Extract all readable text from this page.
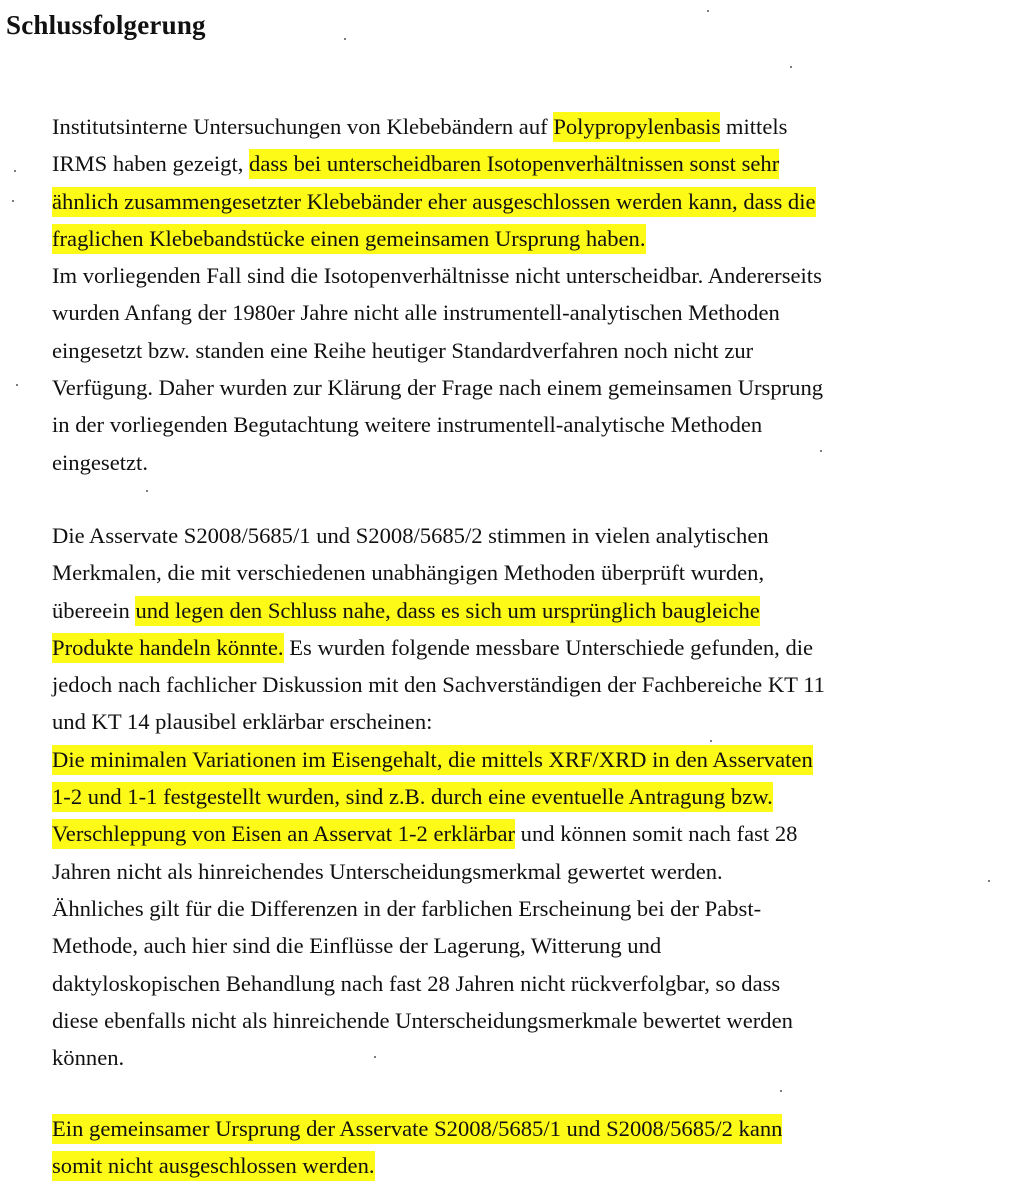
Schlussfolgerung

Institutsinterne Untersuchungen von Klebebändern auf Polypropylenbasis mittels
IRMS haben gezeigt, dass bei unterscheidbaren Isotopenverhältnissen sonst sehr
ähnlich zusammengesetzter Klebebänder eher ausgeschlossen werden kann, dass die
fraglichen Klebebandstücke einen gemeinsamen Ursprung haben.
Im vorliegenden Fall sind die Isotopenverhältnisse nicht unterscheidbar. Andererseits
wurden Anfang der 1980er Jahre nicht alle instrumentell-analytischen Methoden
eingesetzt bzw. standen eine Reihe heutiger Standardverfahren noch nicht zur
Verfügung. Daher wurden zur Klärung der Frage nach einem gemeinsamen Ursprung
in der vorliegenden Begutachtung weitere instrumentell-analytische Methoden
eingesetzt.

Die Asservate S2008/5685/1 und S2008/5685/2 stimmen in vielen analytischen
Merkmalen, die mit verschiedenen unabhängigen Methoden überprüft wurden,
übereein und legen den Schluss nahe, dass es sich um ursprünglich baugleiche
Produkte handeln könnte. Es wurden folgende messbare Unterschiede gefunden, die
jedoch nach fachlicher Diskussion mit den Sachverständigen der Fachbereiche KT 11
und KT 14 plausibel erklärbar erscheinen:
Die minimalen Variationen im Eisengehalt, die mittels XRF/XRD in den Asservaten
1-2 und 1-1 festgestellt wurden, sind z.B. durch eine eventuelle Antragung bzw.
Verschleppung von Eisen an Asservat 1-2 erklärbar und können somit nach fast 28
Jahren nicht als hinreichendes Unterscheidungsmerkmal gewertet werden.
Ähnliches gilt für die Differenzen in der farblichen Erscheinung bei der Pabst-
Methode, auch hier sind die Einflüsse der Lagerung, Witterung und
daktyloskopischen Behandlung nach fast 28 Jahren nicht rückverfolgbar, so dass
diese ebenfalls nicht als hinreichende Unterscheidungsmerkmale bewertet werden
können.

Ein gemeinsamer Ursprung der Asservate S2008/5685/1 und S2008/5685/2 kann
somit nicht ausgeschlossen werden.
